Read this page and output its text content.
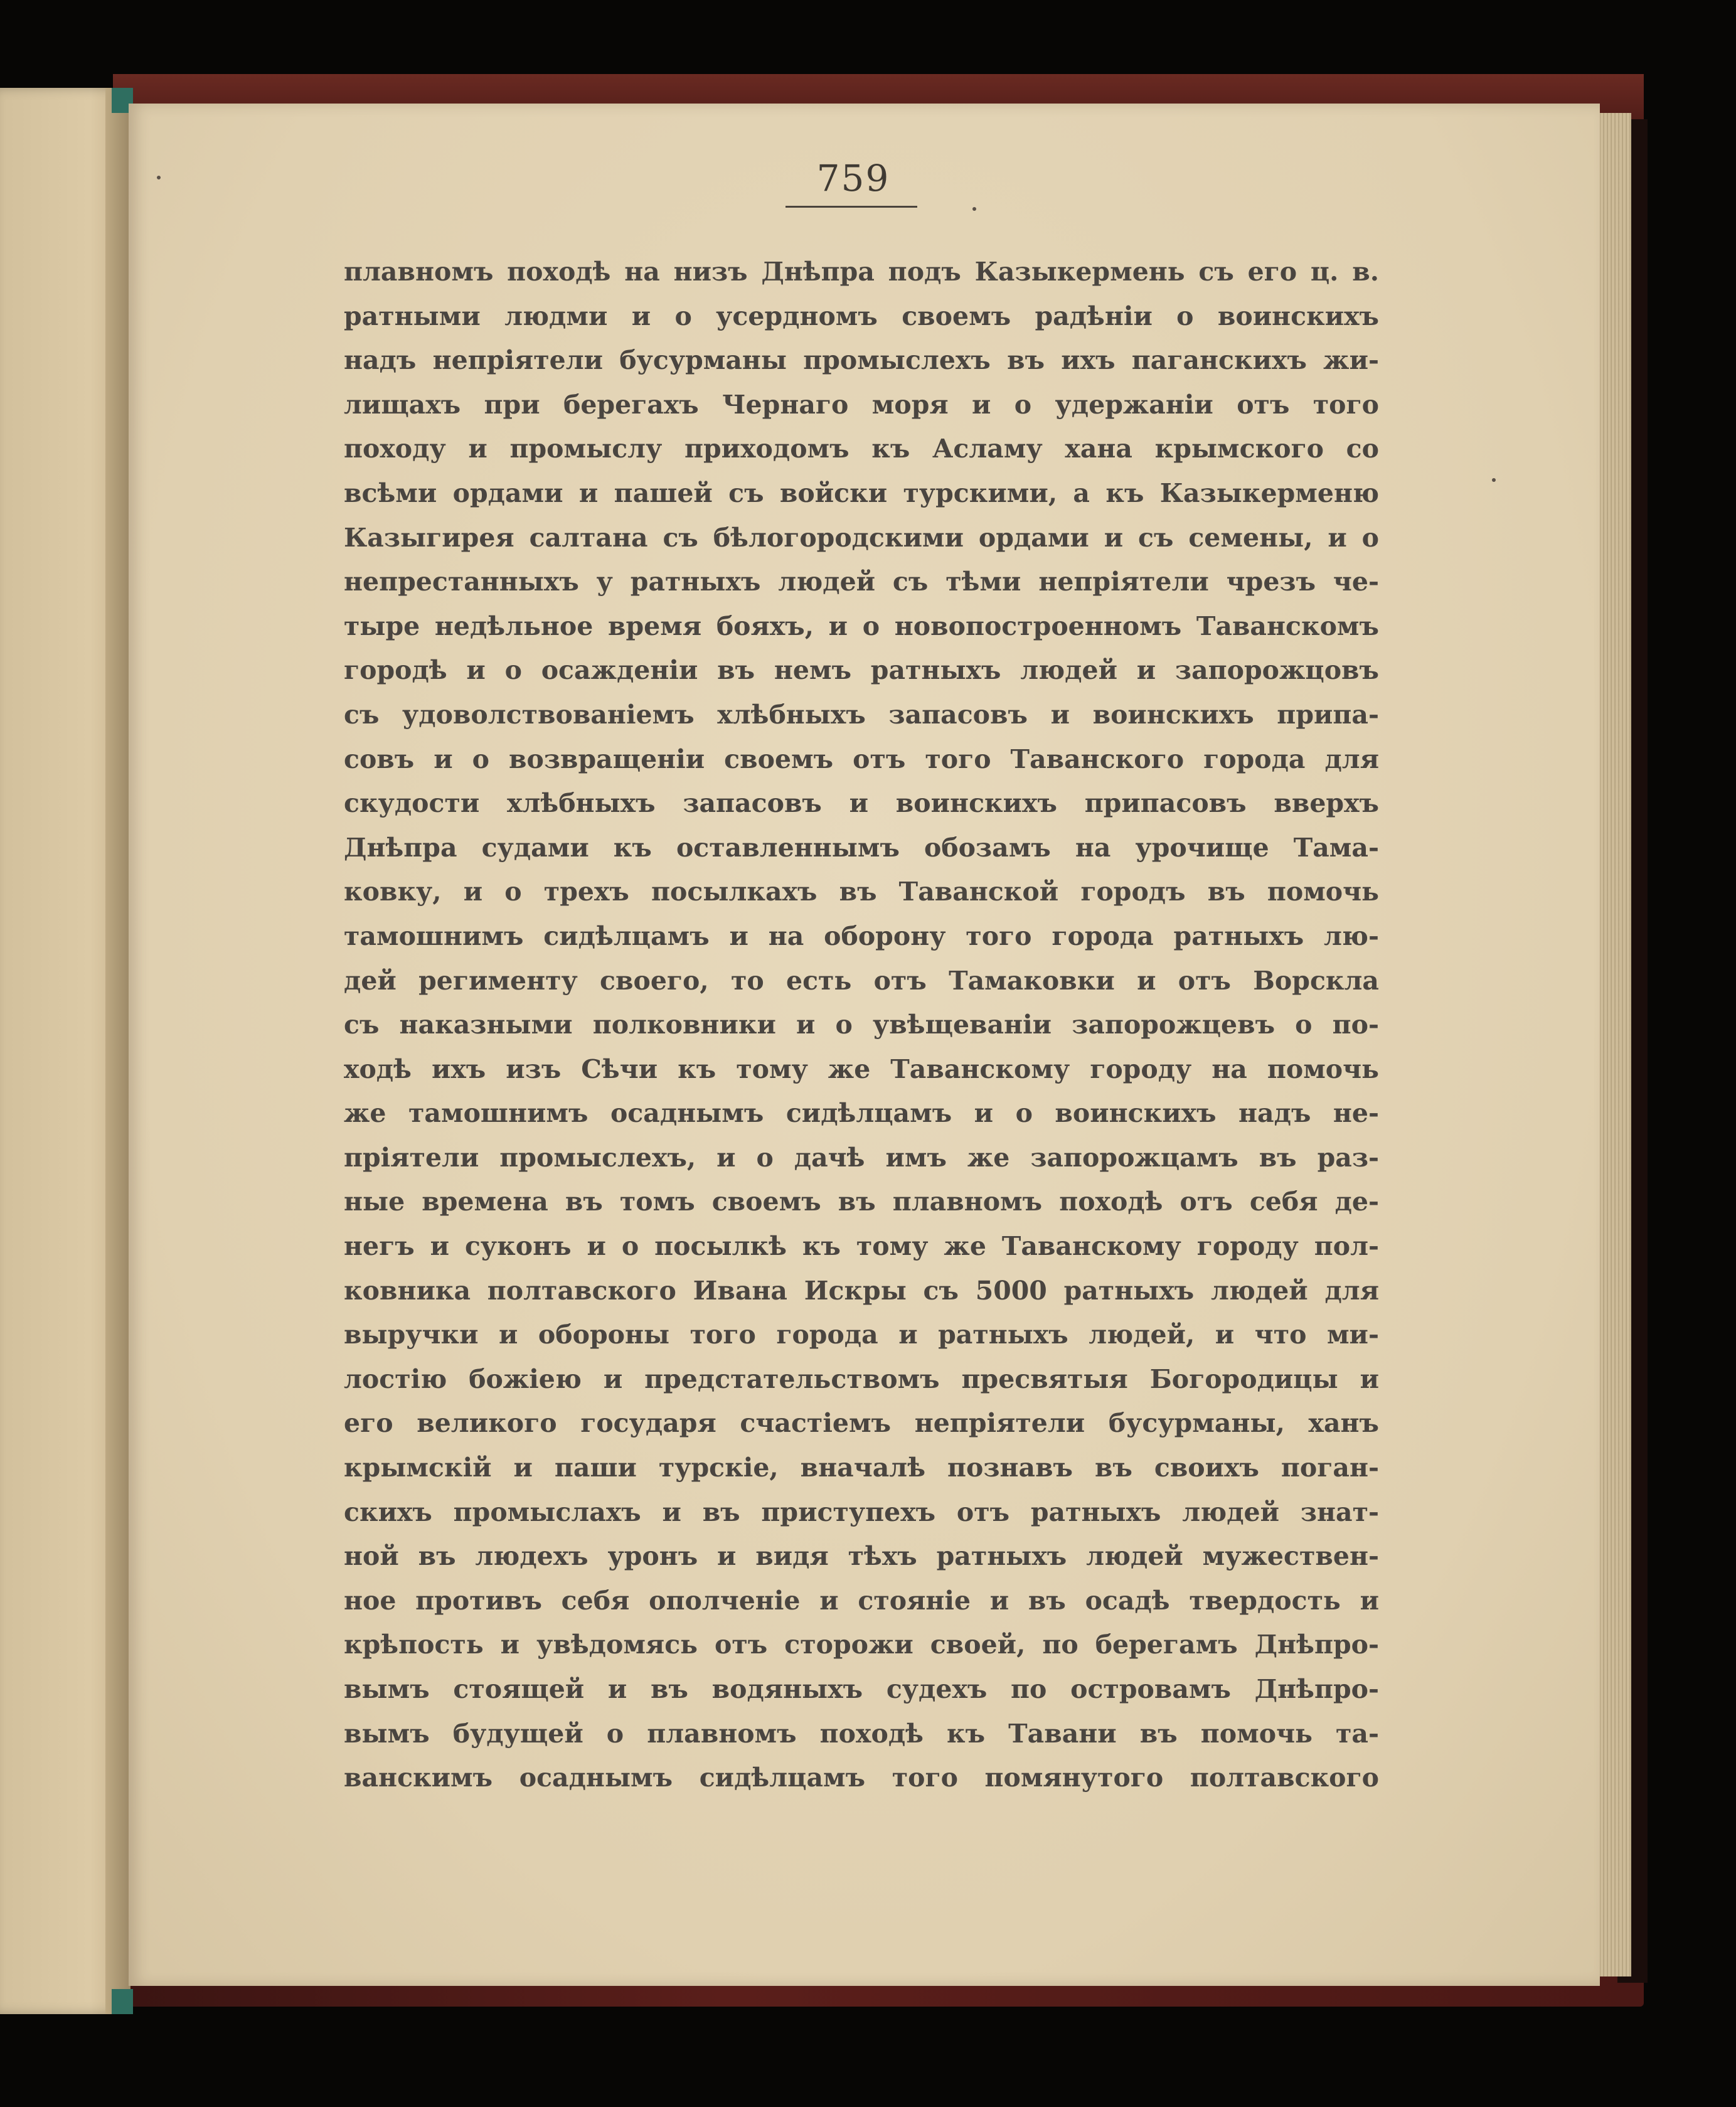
759
плавномъ походѣ на низъ Днѣпра подъ Казыкермень съ его ц. в.
ратными людми и о усердномъ своемъ радѣніи о воинскихъ
надъ непріятели бусурманы промыслехъ въ ихъ паганскихъ жи-
лищахъ при берегахъ Чернаго моря и о удержаніи отъ того
походу и промыслу приходомъ къ Асламу хана крымского со
всѣми ордами и пашей съ войски турскими, а къ Казыкерменю
Казыгирея салтана съ бѣлогородскими ордами и съ семены, и о
непрестанныхъ у ратныхъ людей съ тѣми непріятели чрезъ че-
тыре недѣльное время бояхъ, и о новопостроенномъ Таванскомъ
городѣ и о осажденіи въ немъ ратныхъ людей и запорожцовъ
съ удоволствованіемъ хлѣбныхъ запасовъ и воинскихъ припа-
совъ и о возвращеніи своемъ отъ того Таванского города для
скудости хлѣбныхъ запасовъ и воинскихъ припасовъ вверхъ
Днѣпра судами къ оставленнымъ обозамъ на урочище Тама-
ковку, и о трехъ посылкахъ въ Таванской городъ въ помочь
тамошнимъ сидѣлцамъ и на оборону того города ратныхъ лю-
дей регименту своего, то есть отъ Тамаковки и отъ Ворскла
съ наказными полковники и о увѣщеваніи запорожцевъ о по-
ходѣ ихъ изъ Сѣчи къ тому же Таванскому городу на помочь
же тамошнимъ осаднымъ сидѣлцамъ и о воинскихъ надъ не-
пріятели промыслехъ, и о дачѣ имъ же запорожцамъ въ раз-
ные времена въ томъ своемъ въ плавномъ походѣ отъ себя де-
негъ и суконъ и о посылкѣ къ тому же Таванскому городу пол-
ковника полтавского Ивана Искры съ 5000 ратныхъ людей для
выручки и обороны того города и ратныхъ людей, и что ми-
лостію божіею и предстательствомъ пресвятыя Богородицы и
его великого государя счастіемъ непріятели бусурманы, ханъ
крымскій и паши турскіе, вначалѣ познавъ въ своихъ поган-
скихъ промыслахъ и въ приступехъ отъ ратныхъ людей знат-
ной въ людехъ уронъ и видя тѣхъ ратныхъ людей мужествен-
ное противъ себя ополченіе и стояніе и въ осадѣ твердость и
крѣпость и увѣдомясь отъ сторожи своей, по берегамъ Днѣпро-
вымъ стоящей и въ водяныхъ судехъ по островамъ Днѣпро-
вымъ будущей о плавномъ походѣ къ Тавани въ помочь та-
ванскимъ осаднымъ сидѣлцамъ того помянутого полтавского
